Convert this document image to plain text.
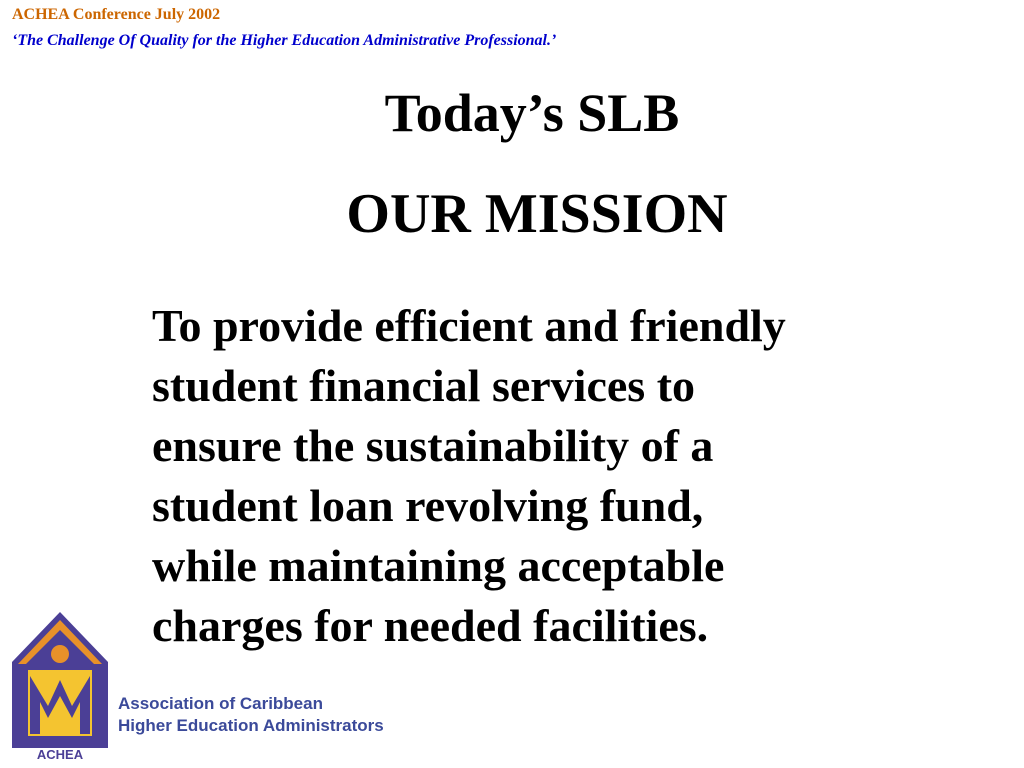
ACHEA Conference July 2002
‘The Challenge Of Quality for the Higher Education Administrative Professional.’
Today’s SLB
OUR MISSION
To provide efficient and friendly
student financial services to
ensure the sustainability of a
student loan revolving fund,
while maintaining acceptable
charges for needed facilities.
ACHEA
Association of Caribbean
Higher Education Administrators
